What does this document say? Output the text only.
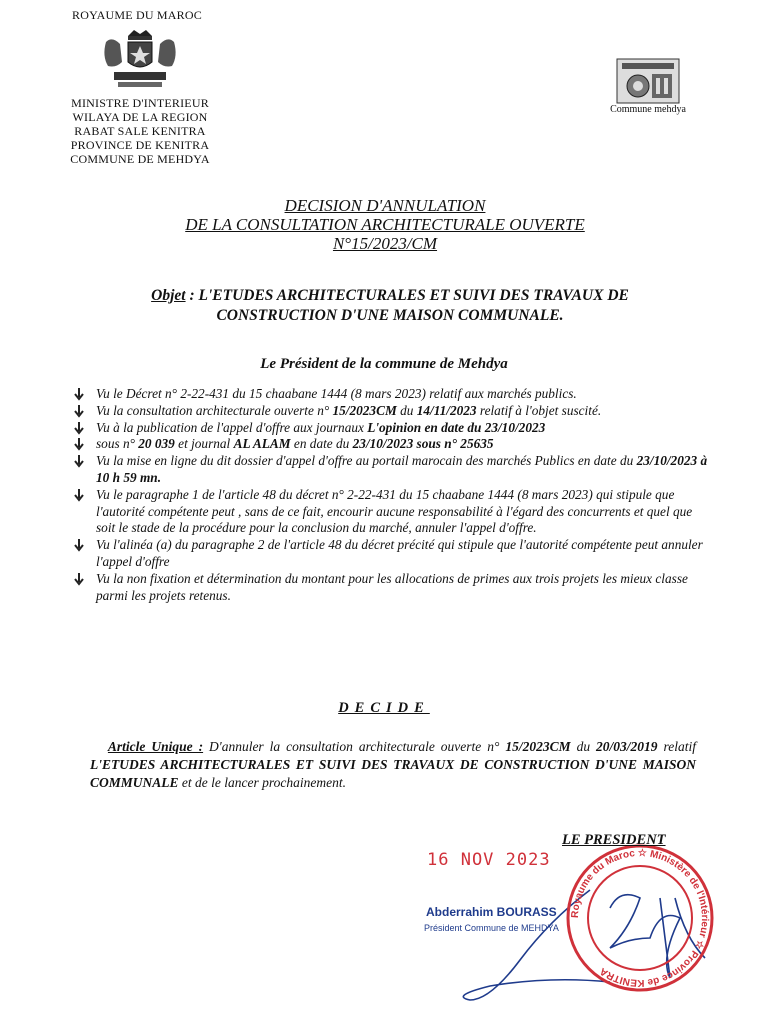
ROYAUME DU MAROC
MINISTRE D'INTERIEUR
WILAYA DE LA REGION
RABAT SALE KENITRA
PROVINCE DE KENITRA
COMMUNE DE MEHDYA
Commune mehdya
DECISION D'ANNULATION
DE LA CONSULTATION ARCHITECTURALE OUVERTE
N°15/2023/CM
Objet : L'ETUDES ARCHITECTURALES ET SUIVI DES TRAVAUX DE
CONSTRUCTION D'UNE MAISON COMMUNALE.
Le Président de la commune de Mehdya
Vu le Décret n° 2-22-431 du 15 chaabane 1444 (8 mars 2023) relatif aux marchés publics.
Vu la consultation architecturale ouverte n° 15/2023CM du 14/11/2023 relatif à l'objet suscité.
Vu à la publication de l'appel d'offre aux journaux L'opinion en date du 23/10/2023
sous n° 20 039 et journal AL ALAM en date du 23/10/2023 sous n° 25635
Vu la mise en ligne du dit dossier d'appel d'offre au portail marocain des marchés Publics en date du 23/10/2023 à 10 h 59 mn.
Vu le paragraphe 1 de l'article 48 du décret n° 2-22-431 du 15 chaabane 1444 (8 mars 2023) qui stipule que l'autorité compétente peut , sans de ce fait, encourir aucune responsabilité à l'égard des concurrents et quel que soit le stade de la procédure pour la conclusion du marché, annuler l'appel d'offre.
Vu l'alinéa (a) du paragraphe 2 de l'article 48 du décret précité qui stipule que l'autorité compétente peut annuler l'appel d'offre
Vu la non fixation et détermination du montant pour les allocations de primes aux trois projets les mieux classe parmi les projets retenus.
DECIDE
Article Unique : D'annuler la consultation architecturale ouverte n° 15/2023CM du 20/03/2019 relatif L'ETUDES ARCHITECTURALES ET SUIVI DES TRAVAUX DE CONSTRUCTION D'UNE MAISON COMMUNALE et de le lancer prochainement.
Royaume du Maroc ☆ Ministère de l'Intérieur ☆ Province de KENITRA
LE PRESIDENT
16 NOV 2023
Abderrahim BOURASS
Président Commune de MEHDYA
